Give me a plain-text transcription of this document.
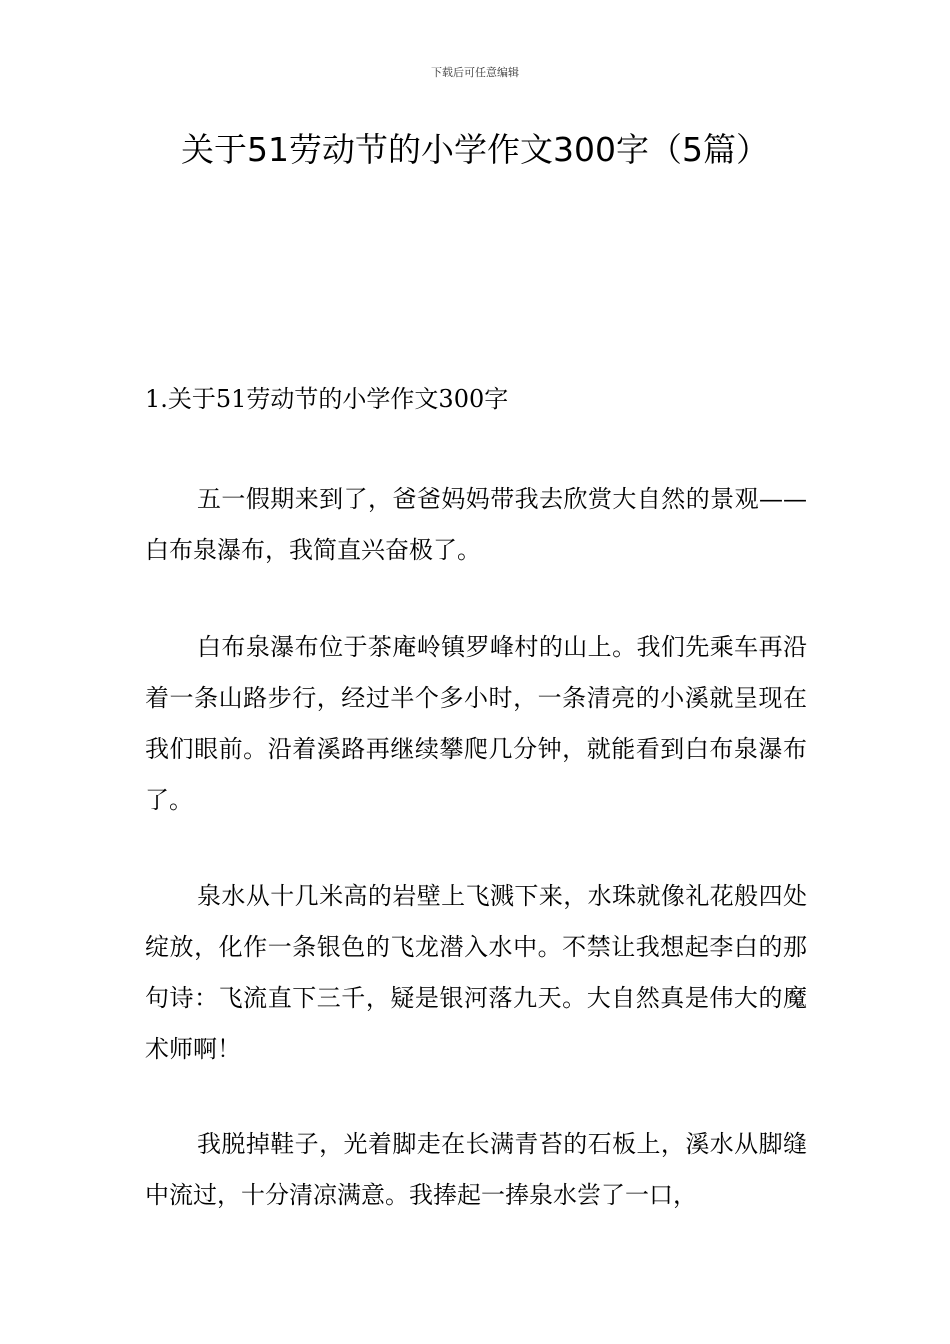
下载后可任意编辑
关于51劳动节的小学作文300字（5篇）
1.关于51劳动节的小学作文300字

五一假期来到了，爸爸妈妈带我去欣赏大自然的景观——白布泉瀑布，我简直兴奋极了。

白布泉瀑布位于茶庵岭镇罗峰村的山上。我们先乘车再沿着一条山路步行，经过半个多小时，一条清亮的小溪就呈现在我们眼前。沿着溪路再继续攀爬几分钟，就能看到白布泉瀑布了。

泉水从十几米高的岩壁上飞溅下来，水珠就像礼花般四处绽放，化作一条银色的飞龙潜入水中。不禁让我想起李白的那句诗：飞流直下三千，疑是银河落九天。大自然真是伟大的魔术师啊！

我脱掉鞋子，光着脚走在长满青苔的石板上，溪水从脚缝中流过，十分清凉满意。我捧起一捧泉水尝了一口，
